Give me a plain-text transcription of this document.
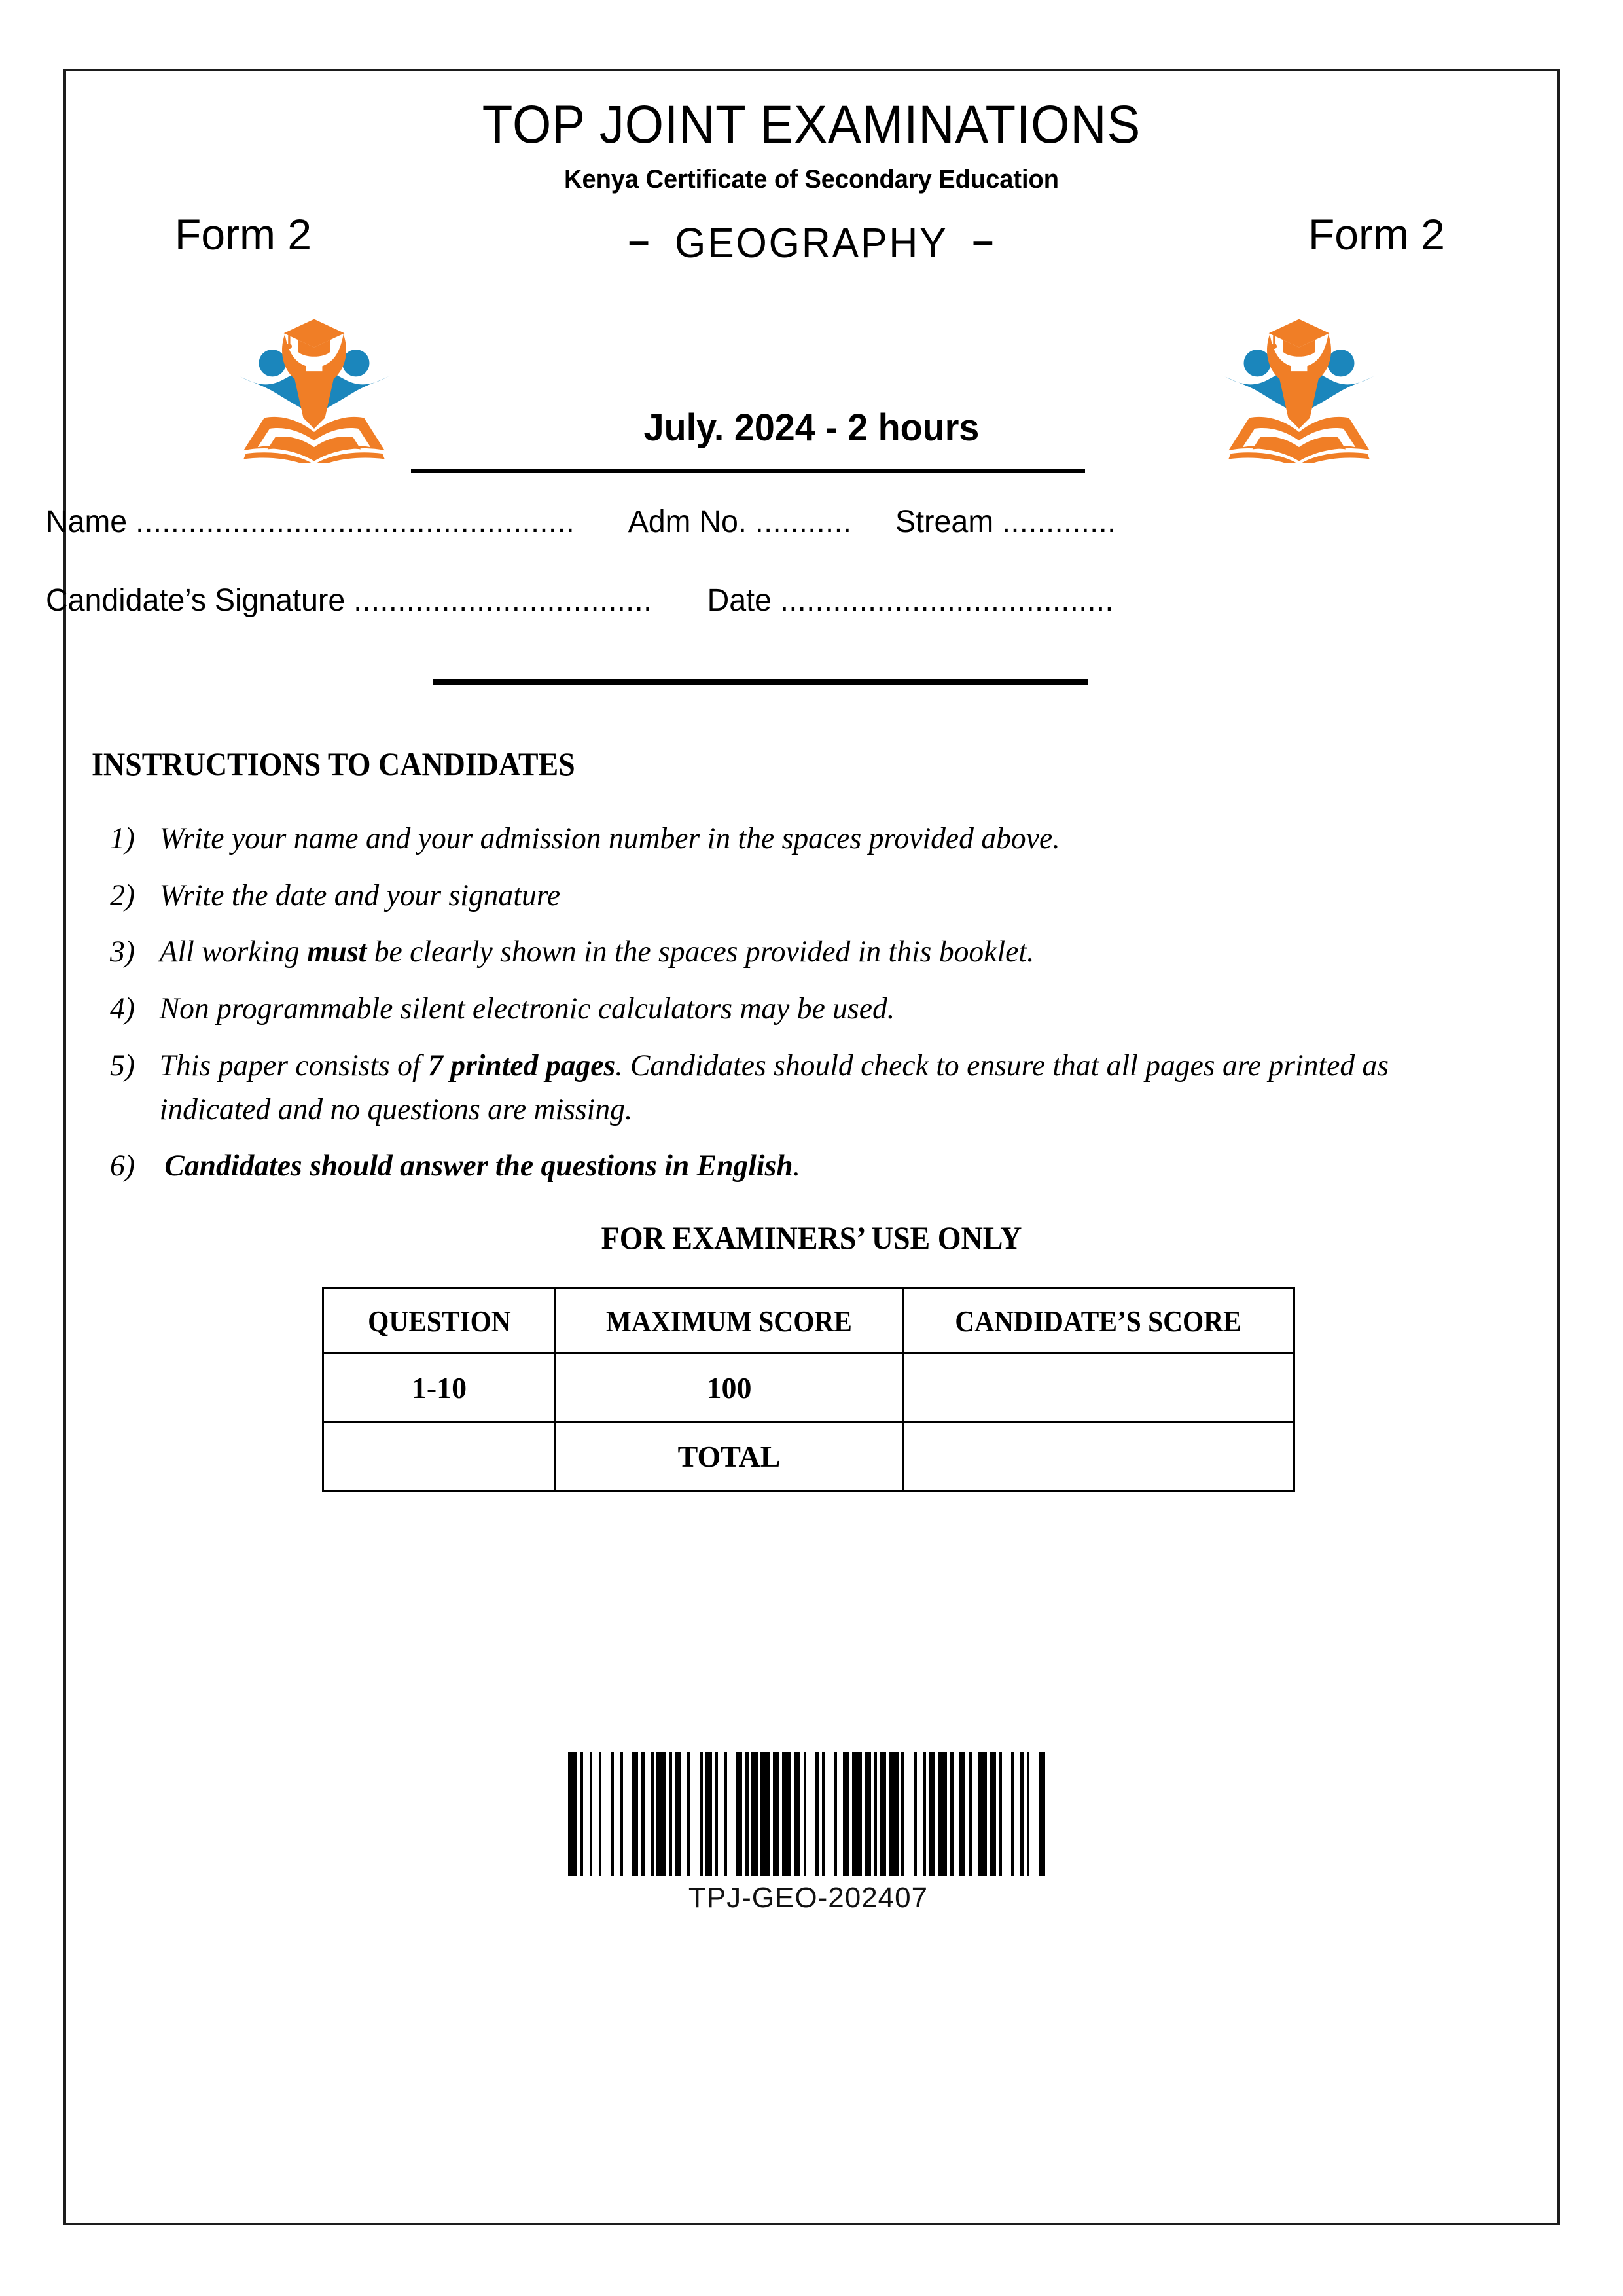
TOP JOINT EXAMINATIONS
Kenya Certificate of Secondary Education
Form 2	– GEOGRAPHY –	Form 2
July. 2024 - 2 hours
Name .................................................. Adm No. ........... Stream .............
Candidate’s Signature .................................. Date ......................................
INSTRUCTIONS TO CANDIDATES
1) Write your name and your admission number in the spaces provided above.
2) Write the date and your signature
3) All working must be clearly shown in the spaces provided in this booklet.
4) Non programmable silent electronic calculators may be used.
5) This paper consists of 7 printed pages. Candidates should check to ensure that all pages are printed as indicated and no questions are missing.
6) Candidates should answer the questions in English.
FOR EXAMINERS’ USE ONLY
QUESTION	MAXIMUM SCORE	CANDIDATE’S SCORE
1-10	100	
	TOTAL	
TPJ-GEO-202407
